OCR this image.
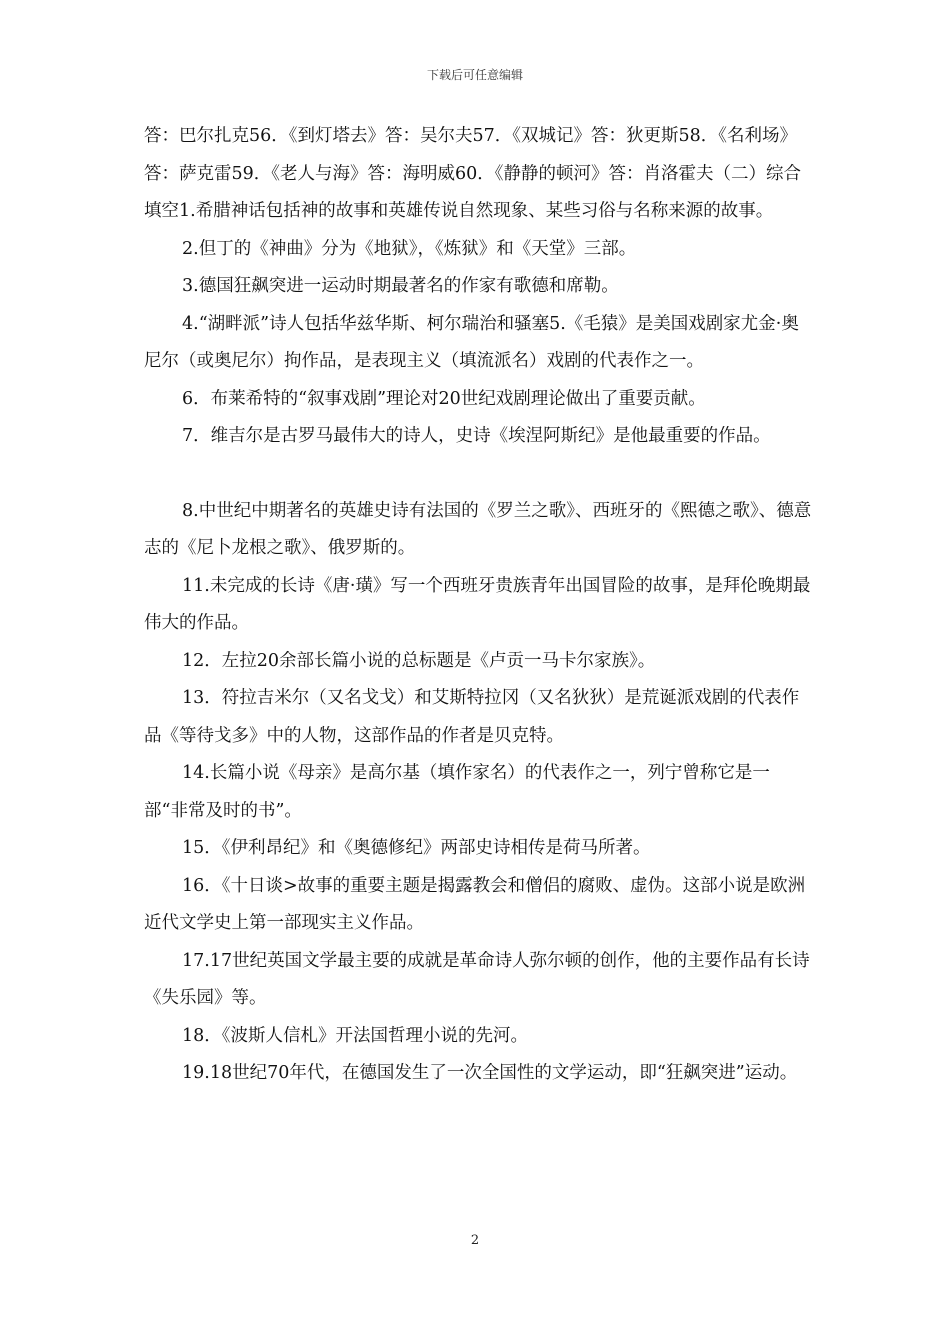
下载后可任意编辑

答：巴尔扎克56．《到灯塔去》答：吴尔夫57．《双城记》答：狄更斯58．《名利场》答：萨克雷59．《老人与海》答：海明威60．《静静的顿河》答：肖洛霍夫（二）综合填空1.希腊神话包括神的故事和英雄传说自然现象、某些习俗与名称来源的故事。

2.但丁的《神曲》分为《地狱》，《炼狱》和《天堂》三部。

3.德国狂飙突进一运动时期最著名的作家有歌德和席勒。

4.“湖畔派”诗人包括华兹华斯、柯尔瑞治和骚塞5.《毛猿》是美国戏剧家尤金·奥尼尔（或奥尼尔）拘作品，是表现主义（填流派名）戏剧的代表作之一。

6．布莱希特的“叙事戏剧”理论对20世纪戏剧理论做出了重要贡献。

7．维吉尔是古罗马最伟大的诗人，史诗《埃涅阿斯纪》是他最重要的作品。

8.中世纪中期著名的英雄史诗有法国的《罗兰之歌》、西班牙的《熙德之歌》、德意志的《尼卜龙根之歌》、俄罗斯的。

11.未完成的长诗《唐·璜》写一个西班牙贵族青年出国冒险的故事，是拜伦晚期最伟大的作品。

12．左拉20余部长篇小说的总标题是《卢贡一马卡尔家族》。

13．符拉吉米尔（又名戈戈）和艾斯特拉冈（又名狄狄）是荒诞派戏剧的代表作品《等待戈多》中的人物，这部作品的作者是贝克特。

14.长篇小说《母亲》是高尔基（填作家名）的代表作之一，列宁曾称它是一部“非常及时的书”。

15．《伊利昂纪》和《奥德修纪》两部史诗相传是荷马所著。

16．《十日谈>故事的重要主题是揭露教会和僧侣的腐败、虚伪。这部小说是欧洲近代文学史上第一部现实主义作品。

17.17世纪英国文学最主要的成就是革命诗人弥尔顿的创作，他的主要作品有长诗《失乐园》等。

18．《波斯人信札》开法国哲理小说的先河。

19.18世纪70年代，在德国发生了一次全国性的文学运动，即“狂飙突进”运动。

2
